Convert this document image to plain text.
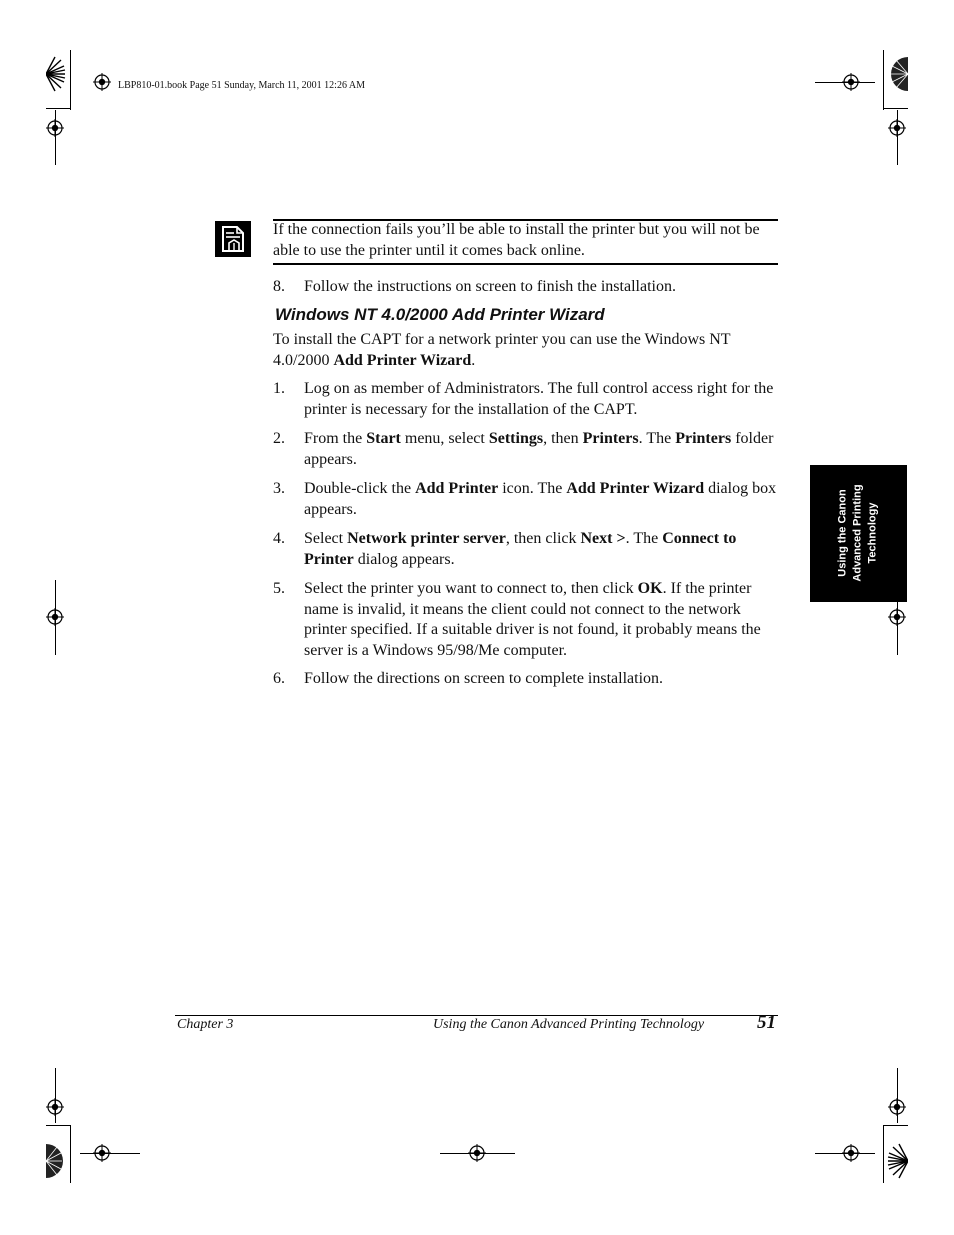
LBP810-01.book Page 51 Sunday, March 11, 2001 12:26 AM
If the connection fails you’ll be able to install the printer but you will not be able to use the printer until it comes back online.
8. Follow the instructions on screen to finish the installation.
Windows NT 4.0/2000 Add Printer Wizard
To install the CAPT for a network printer you can use the Windows NT 4.0/2000 Add Printer Wizard.
1. Log on as member of Administrators. The full control access right for the printer is necessary for the installation of the CAPT.
2. From the Start menu, select Settings, then Printers. The Printers folder appears.
3. Double-click the Add Printer icon. The Add Printer Wizard dialog box appears.
4. Select Network printer server, then click Next >. The Connect to Printer dialog appears.
5. Select the printer you want to connect to, then click OK. If the printer name is invalid, it means the client could not connect to the network printer specified. If a suitable driver is not found, it probably means the server is a Windows 95/98/Me computer.
6. Follow the directions on screen to complete installation.
Using the Canon Advanced Printing Technology
Chapter 3	Using the Canon Advanced Printing Technology	51
